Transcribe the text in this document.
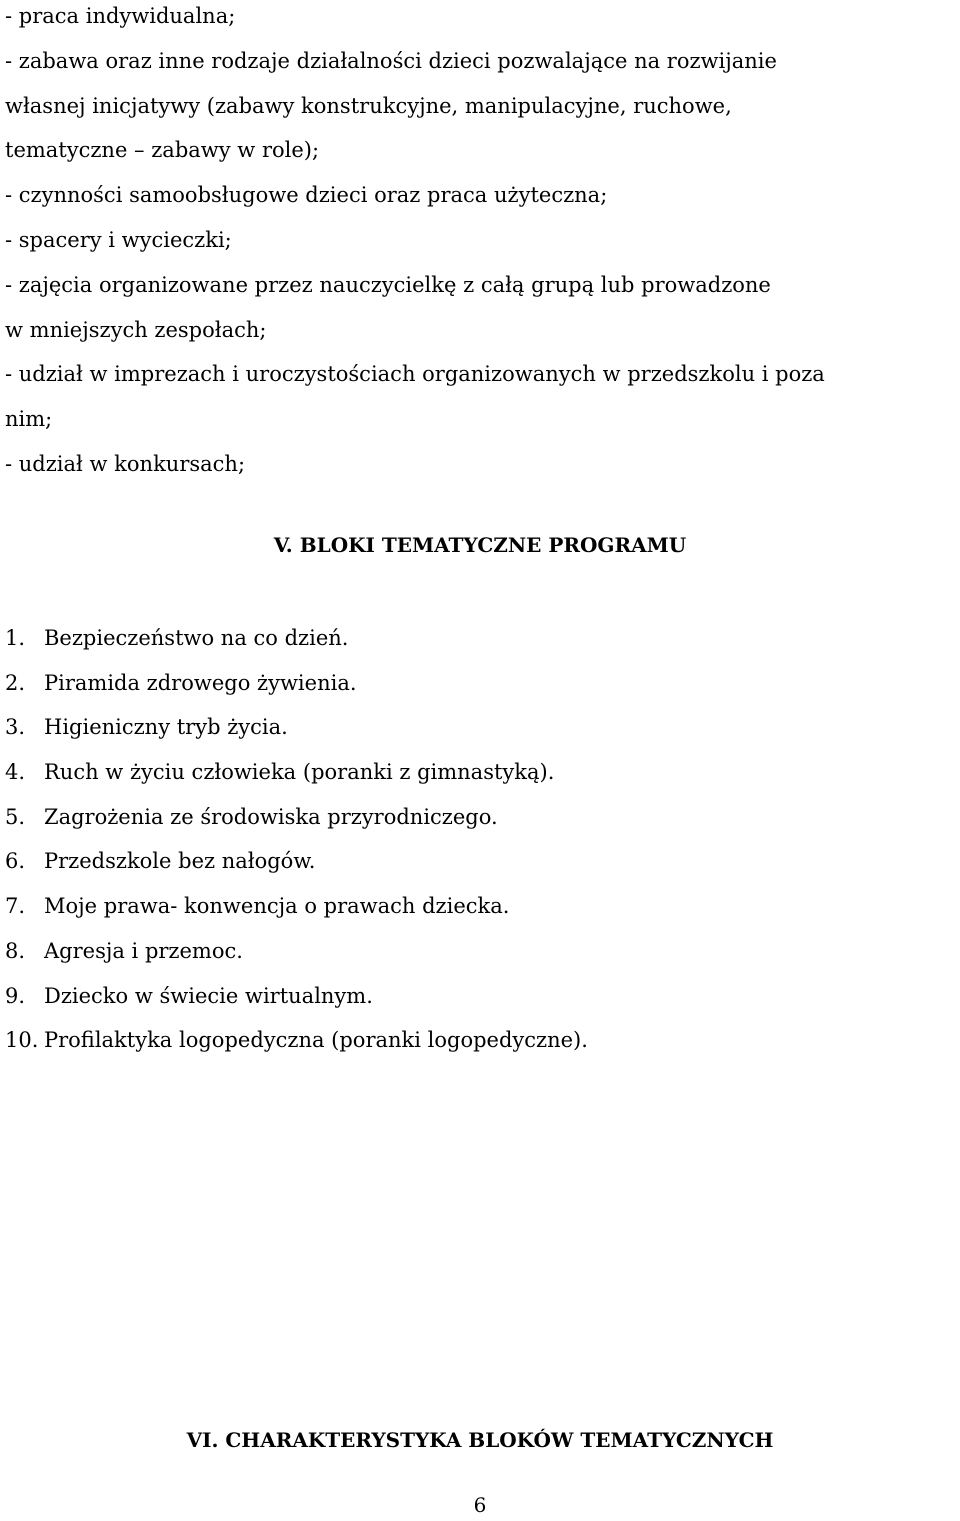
- praca indywidualna;
- zabawa oraz inne rodzaje działalności dzieci pozwalające na rozwijanie
własnej inicjatywy (zabawy konstrukcyjne, manipulacyjne, ruchowe,
tematyczne – zabawy w role);
- czynności samoobsługowe dzieci oraz praca użyteczna;
- spacery i wycieczki;
- zajęcia organizowane przez nauczycielkę z całą grupą lub prowadzone
w mniejszych zespołach;
- udział w imprezach i uroczystościach organizowanych w przedszkolu i poza
nim;
- udział w konkursach;
V. BLOKI TEMATYCZNE PROGRAMU
1. Bezpieczeństwo na co dzień.
2. Piramida zdrowego żywienia.
3. Higieniczny tryb życia.
4. Ruch w życiu człowieka (poranki z gimnastyką).
5. Zagrożenia ze środowiska przyrodniczego.
6. Przedszkole bez nałogów.
7. Moje prawa- konwencja o prawach dziecka.
8. Agresja i przemoc.
9. Dziecko w świecie wirtualnym.
10. Profilaktyka logopedyczna (poranki logopedyczne).
VI. CHARAKTERYSTYKA BLOKÓW TEMATYCZNYCH
6
